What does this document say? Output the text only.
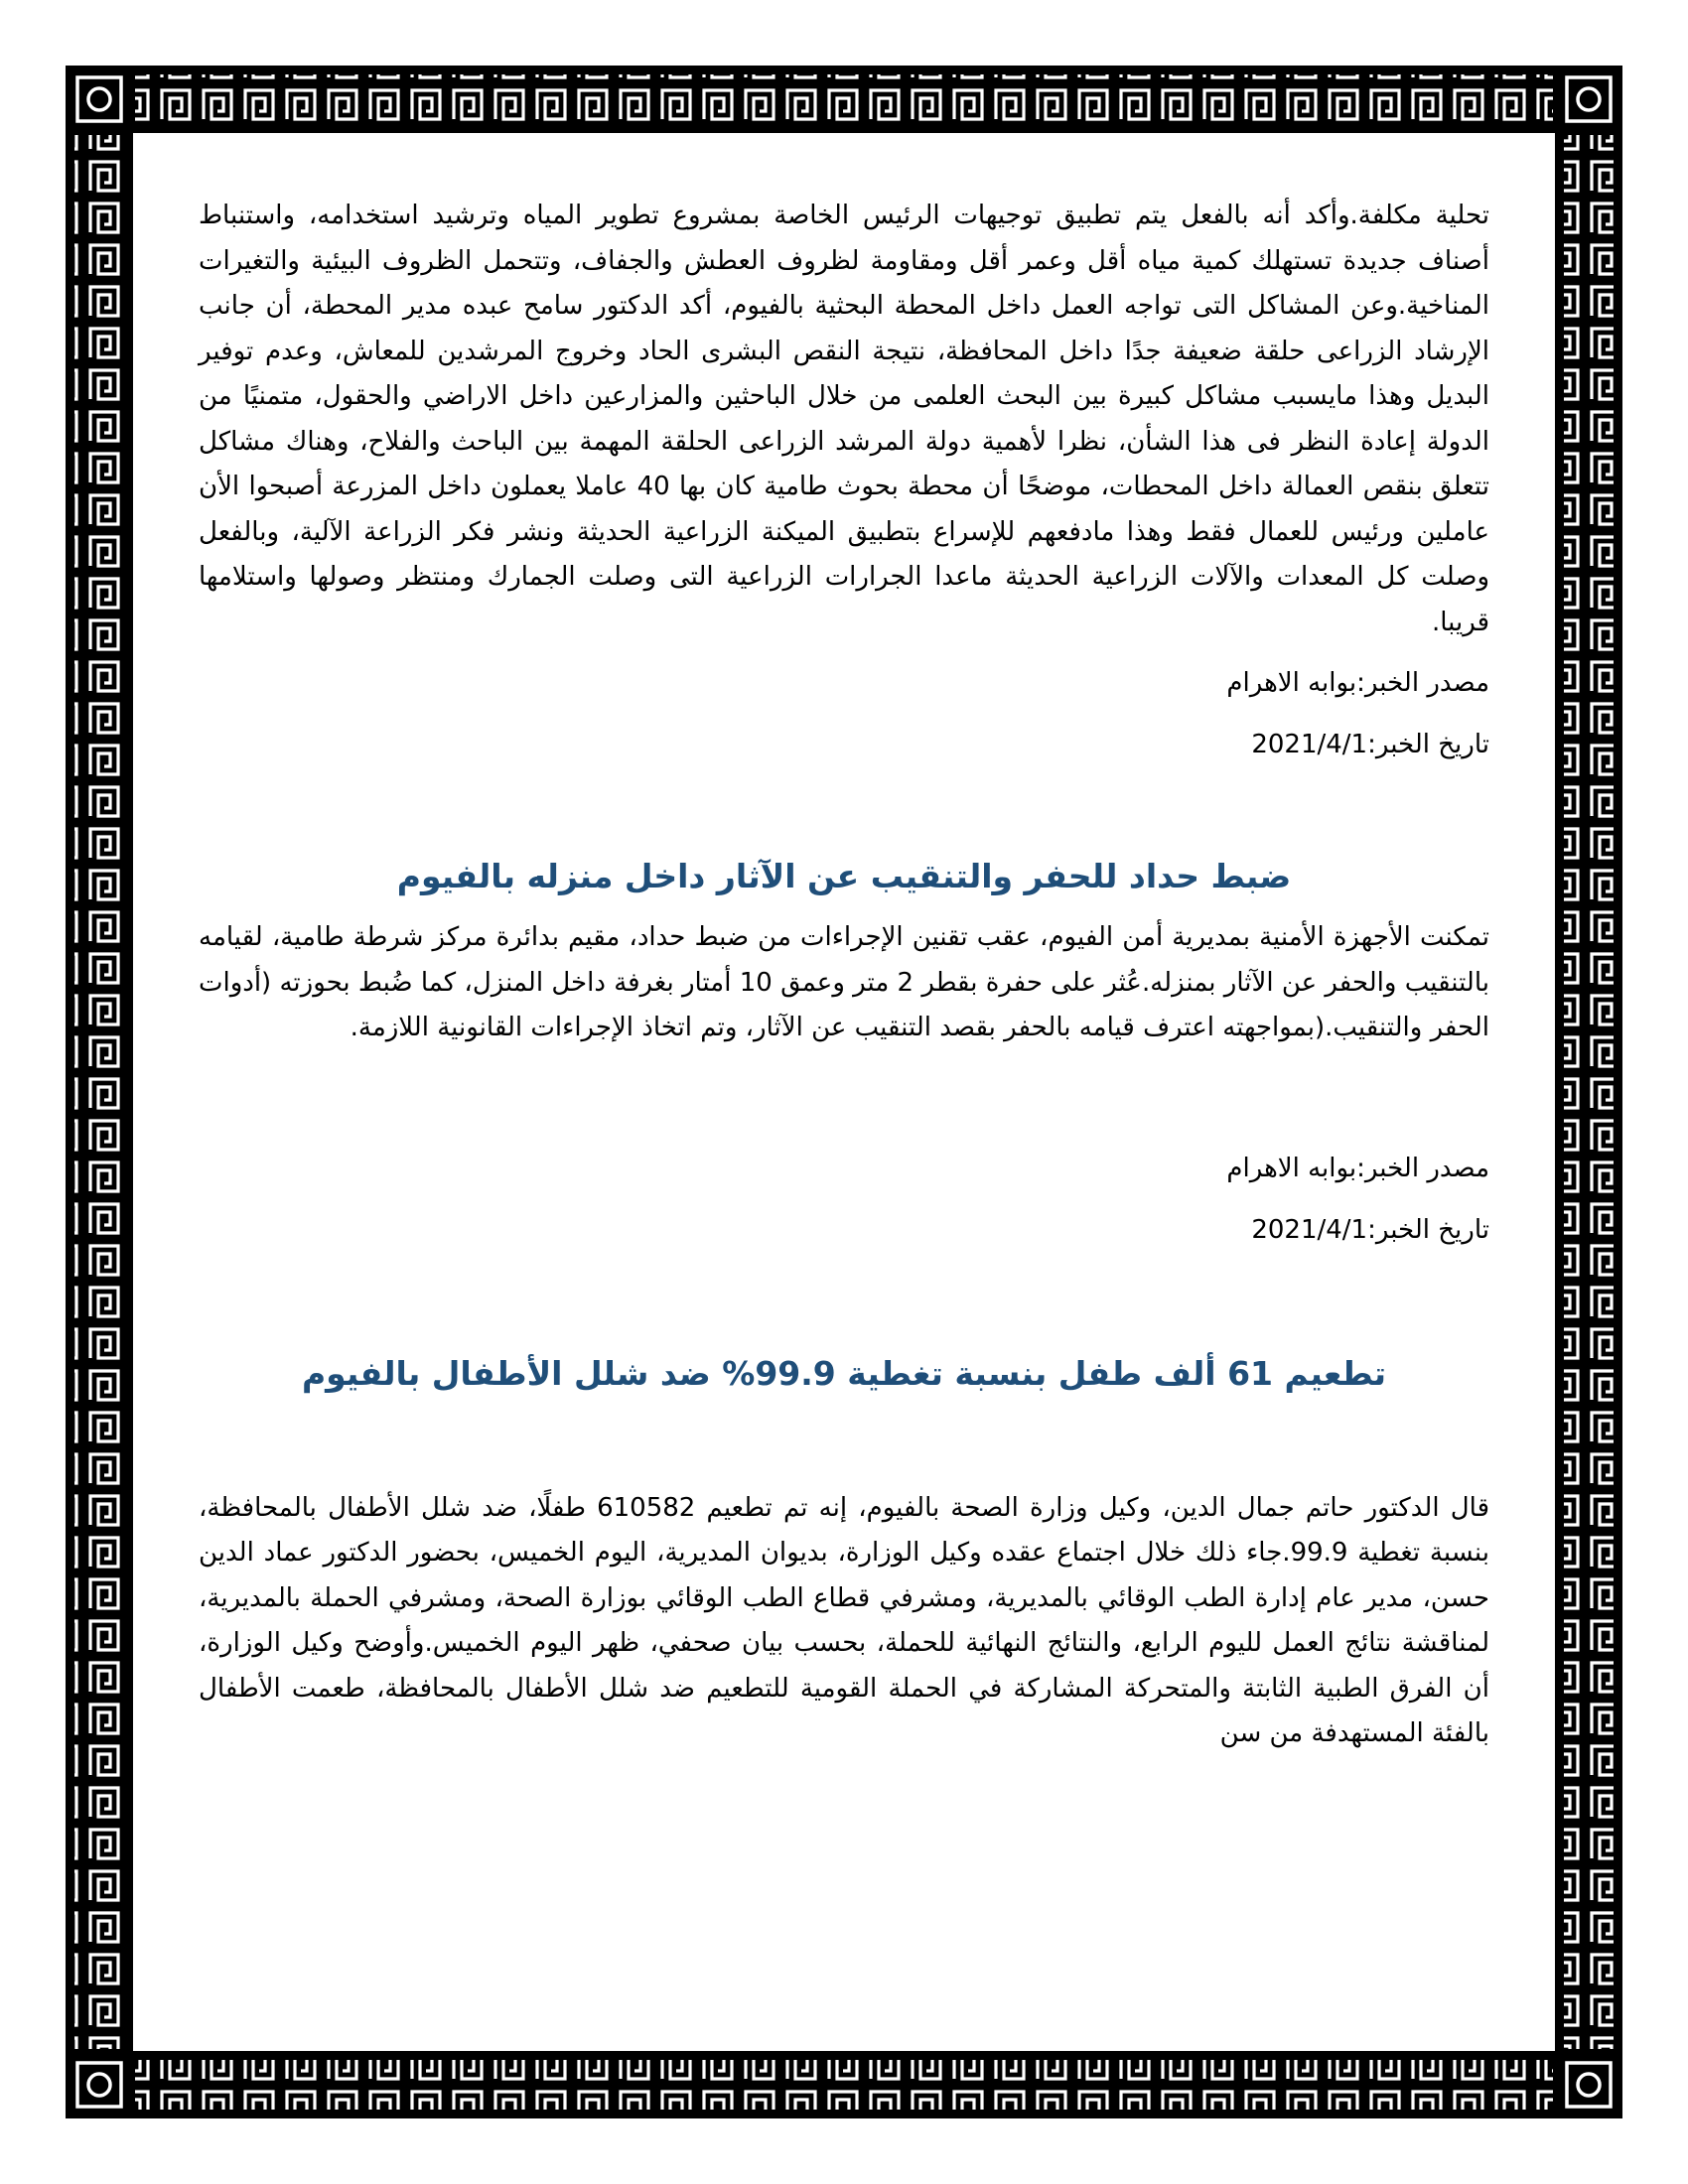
تحلية مكلفة.وأكد أنه بالفعل يتم تطبيق توجيهات الرئيس الخاصة بمشروع تطوير المياه وترشيد استخدامه، واستنباط أصناف جديدة تستهلك كمية مياه أقل وعمر أقل ومقاومة لظروف العطش والجفاف، وتتحمل الظروف البيئية والتغيرات المناخية.وعن المشاكل التى تواجه العمل داخل المحطة البحثية بالفيوم، أكد الدكتور سامح عبده مدير المحطة، أن جانب الإرشاد الزراعى حلقة ضعيفة جدًا داخل المحافظة، نتيجة النقص البشرى الحاد وخروج المرشدين للمعاش، وعدم توفير البديل وهذا مايسبب مشاكل كبيرة بين البحث العلمى من خلال الباحثين والمزارعين داخل الاراضي والحقول، متمنيًا من الدولة إعادة النظر فى هذا الشأن، نظرا لأهمية دولة المرشد الزراعى الحلقة المهمة بين الباحث والفلاح، وهناك مشاكل تتعلق بنقص العمالة داخل المحطات، موضحًا أن محطة بحوث طامية كان بها 40 عاملا يعملون داخل المزرعة أصبحوا الأن عاملين ورئيس للعمال فقط وهذا مادفعهم للإسراع بتطبيق الميكنة الزراعية الحديثة ونشر فكر الزراعة الآلية، وبالفعل وصلت كل المعدات والآلات الزراعية الحديثة ماعدا الجرارات الزراعية التى وصلت الجمارك ومنتظر وصولها واستلامها قريبا.

مصدر الخبر:بوابه الاهرام

تاريخ الخبر:2021/4/1

ضبط حداد للحفر والتنقيب عن الآثار داخل منزله بالفيوم

تمكنت الأجهزة الأمنية بمديرية أمن الفيوم، عقب تقنين الإجراءات من ضبط حداد، مقيم بدائرة مركز شرطة طامية، لقيامه بالتنقيب والحفر عن الآثار بمنزله.عُثر على حفرة بقطر 2 متر وعمق 10 أمتار بغرفة داخل المنزل، كما ضُبط بحوزته (أدوات الحفر والتنقيب.(بمواجهته اعترف قيامه بالحفر بقصد التنقيب عن الآثار، وتم اتخاذ الإجراءات القانونية اللازمة.

مصدر الخبر:بوابه الاهرام

تاريخ الخبر:2021/4/1

تطعيم 61 ألف طفل بنسبة تغطية 99.9% ضد شلل الأطفال بالفيوم

قال الدكتور حاتم جمال الدين، وكيل وزارة الصحة بالفيوم، إنه تم تطعيم 610582 طفلًا، ضد شلل الأطفال بالمحافظة، بنسبة تغطية 99.9.جاء ذلك خلال اجتماع عقده وكيل الوزارة، بديوان المديرية، اليوم الخميس، بحضور الدكتور عماد الدين حسن، مدير عام إدارة الطب الوقائي بالمديرية، ومشرفي قطاع الطب الوقائي بوزارة الصحة، ومشرفي الحملة بالمديرية، لمناقشة نتائج العمل لليوم الرابع، والنتائج النهائية للحملة، بحسب بيان صحفي، ظهر اليوم الخميس.وأوضح وكيل الوزارة، أن الفرق الطبية الثابتة والمتحركة المشاركة في الحملة القومية للتطعيم ضد شلل الأطفال بالمحافظة، طعمت الأطفال بالفئة المستهدفة من سن
